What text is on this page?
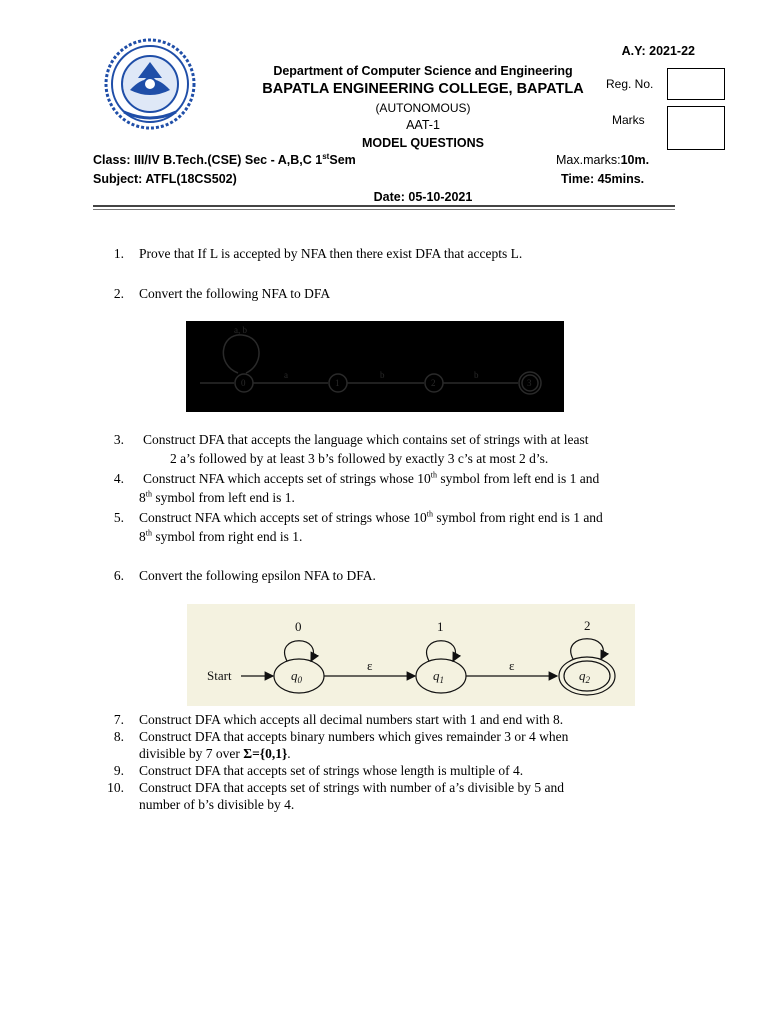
A.Y: 2021-22
Department of Computer Science and Engineering
BAPATLA ENGINEERING COLLEGE, BAPATLA
(AUTONOMOUS)
AAT-1
MODEL QUESTIONS
Reg. No.
Marks
Class: III/IV B.Tech.(CSE) Sec - A,B,C 1stSem
Subject: ATFL(18CS502)
Max.marks:10m.
Time: 45mins.
Date: 05-10-2021
1. Prove that If L is accepted by NFA then there exist DFA that accepts L.
2. Convert the following NFA to DFA
a, b
0	1	2	3
a	b	b
3. Construct DFA that accepts the language which contains set of strings with at least
2 a’s followed by at least 3 b’s followed by exactly 3 c’s at most 2 d’s.
4. Construct NFA which accepts set of strings whose 10th symbol from left end is 1 and
8th symbol from left end is 1.
5. Construct NFA which accepts set of strings whose 10th symbol from right end is 1 and
8th symbol from right end is 1.
6. Convert the following epsilon NFA to DFA.
Start
0	1	2
ε	ε
$q_0$	$q_1$	$q_2$
7. Construct DFA which accepts all decimal numbers start with 1 and end with 8.
8. Construct DFA that accepts binary numbers which gives remainder 3 or 4 when
divisible by 7 over Σ={0,1}.
9. Construct DFA that accepts set of strings whose length is multiple of 4.
10. Construct DFA that accepts set of strings with number of a’s divisible by 5 and
number of b’s divisible by 4.
